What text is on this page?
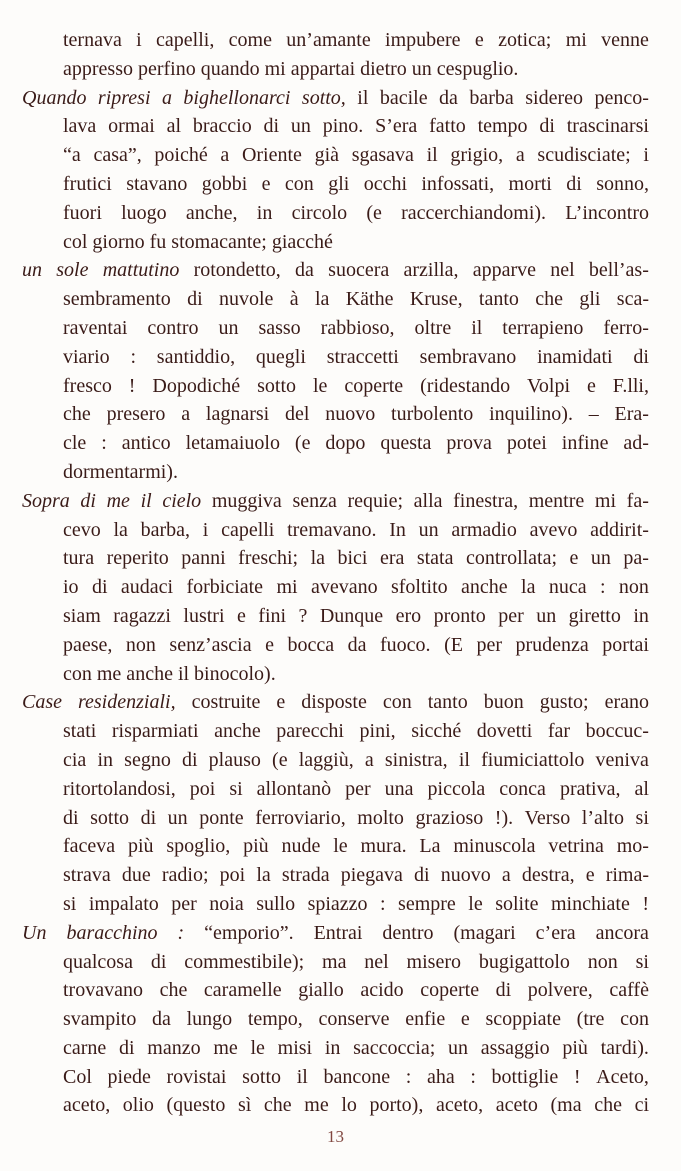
ternava i capelli, come un’amante impubere e zotica; mi venne
appresso perfino quando mi appartai dietro un cespuglio.
Quando ripresi a bighellonarci sotto, il bacile da barba sidereo penco-
lava ormai al braccio di un pino. S’era fatto tempo di trascinarsi
“a casa”, poiché a Oriente già sgasava il grigio, a scudisciate; i
frutici stavano gobbi e con gli occhi infossati, morti di sonno,
fuori luogo anche, in circolo (e raccerchiandomi). L’incontro
col giorno fu stomacante; giacché
un sole mattutino rotondetto, da suocera arzilla, apparve nel bell’as-
sembramento di nuvole à la Käthe Kruse, tanto che gli sca-
raventai contro un sasso rabbioso, oltre il terrapieno ferro-
viario : santiddio, quegli straccetti sembravano inamidati di
fresco ! Dopodiché sotto le coperte (ridestando Volpi e F.lli,
che presero a lagnarsi del nuovo turbolento inquilino). – Era-
cle : antico letamaiuolo (e dopo questa prova potei infine ad-
dormentarmi).
Sopra di me il cielo muggiva senza requie; alla finestra, mentre mi fa-
cevo la barba, i capelli tremavano. In un armadio avevo addirit-
tura reperito panni freschi; la bici era stata controllata; e un pa-
io di audaci forbiciate mi avevano sfoltito anche la nuca : non
siam ragazzi lustri e fini ? Dunque ero pronto per un giretto in
paese, non senz’ascia e bocca da fuoco. (E per prudenza portai
con me anche il binocolo).
Case residenziali, costruite e disposte con tanto buon gusto; erano
stati risparmiati anche parecchi pini, sicché dovetti far boccuc-
cia in segno di plauso (e laggiù, a sinistra, il fiumiciattolo veniva
ritortolandosi, poi si allontanò per una piccola conca prativa, al
di sotto di un ponte ferroviario, molto grazioso !). Verso l’alto si
faceva più spoglio, più nude le mura. La minuscola vetrina mo-
strava due radio; poi la strada piegava di nuovo a destra, e rima-
si impalato per noia sullo spiazzo : sempre le solite minchiate !
Un baracchino : “emporio”. Entrai dentro (magari c’era ancora
qualcosa di commestibile); ma nel misero bugigattolo non si
trovavano che caramelle giallo acido coperte di polvere, caffè
svampito da lungo tempo, conserve enfie e scoppiate (tre con
carne di manzo me le misi in saccoccia; un assaggio più tardi).
Col piede rovistai sotto il bancone : aha : bottiglie ! Aceto,
aceto, olio (questo sì che me lo porto), aceto, aceto (ma che ci
13
